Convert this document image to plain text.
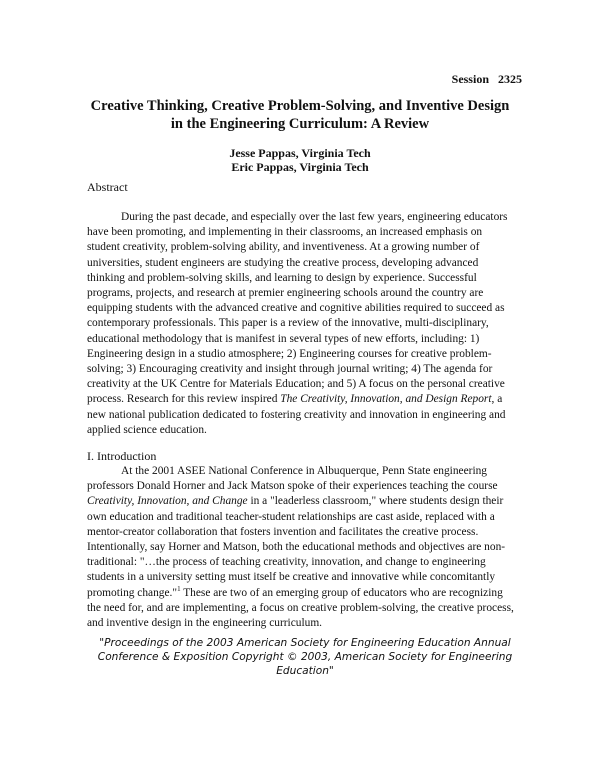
Session   2325
Creative Thinking, Creative Problem-Solving, and Inventive Design
in the Engineering Curriculum: A Review
Jesse Pappas, Virginia Tech
Eric Pappas, Virginia Tech
Abstract

During the past decade, and especially over the last few years, engineering educators have been promoting, and implementing in their classrooms, an increased emphasis on student creativity, problem-solving ability, and inventiveness. At a growing number of universities, student engineers are studying the creative process, developing advanced thinking and problem-solving skills, and learning to design by experience. Successful programs, projects, and research at premier engineering schools around the country are equipping students with the advanced creative and cognitive abilities required to succeed as contemporary professionals. This paper is a review of the innovative, multi-disciplinary, educational methodology that is manifest in several types of new efforts, including: 1) Engineering design in a studio atmosphere; 2) Engineering courses for creative problem-solving; 3) Encouraging creativity and insight through journal writing; 4) The agenda for creativity at the UK Centre for Materials Education; and 5) A focus on the personal creative process. Research for this review inspired The Creativity, Innovation, and Design Report, a new national publication dedicated to fostering creativity and innovation in engineering and applied science education.

I. Introduction

At the 2001 ASEE National Conference in Albuquerque, Penn State engineering professors Donald Horner and Jack Matson spoke of their experiences teaching the course Creativity, Innovation, and Change in a "leaderless classroom," where students design their own education and traditional teacher-student relationships are cast aside, replaced with a mentor-creator collaboration that fosters invention and facilitates the creative process. Intentionally, say Horner and Matson, both the educational methods and objectives are non-traditional: "…the process of teaching creativity, innovation, and change to engineering students in a university setting must itself be creative and innovative while concomitantly promoting change."$^1$ These are two of an emerging group of educators who are recognizing the need for, and are implementing, a focus on creative problem-solving, the creative process, and inventive design in the engineering curriculum.

"Proceedings of the 2003 American Society for Engineering Education Annual
Conference & Exposition Copyright © 2003, American Society for Engineering
Education"
